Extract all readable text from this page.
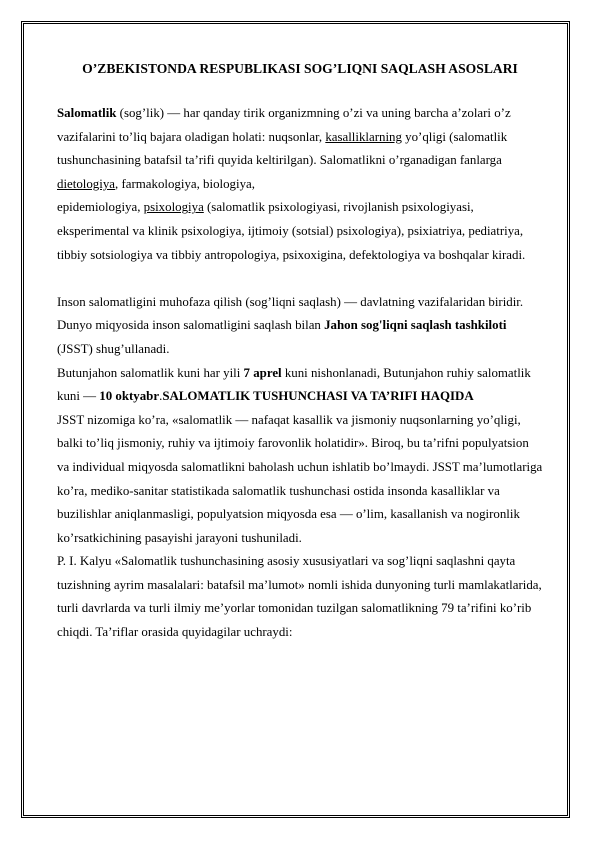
O’ZBEKISTONDA RESPUBLIKASI SOG’LIQNI SAQLASH ASOSLARI

Salomatlik (sog’lik) — har qanday tirik organizmning o’zi va uning barcha a’zolari o’z vazifalarini to’liq bajara oladigan holati: nuqsonlar, kasalliklarning yo’qligi (salomatlik tushunchasining batafsil ta’rifi quyida keltirilgan). Salomatlikni o’rganadigan fanlarga dietologiya, farmakologiya, biologiya,
epidemiologiya, psixologiya (salomatlik psixologiyasi, rivojlanish psixologiyasi, eksperimental va klinik psixologiya, ijtimoiy (sotsial) psixologiya), psixiatriya, pediatriya, tibbiy sotsiologiya va tibbiy antropologiya, psixoxigina, defektologiya va boshqalar kiradi.

Inson salomatligini muhofaza qilish (sog’liqni saqlash) — davlatning vazifalaridan biridir. Dunyo miqyosida inson salomatligini saqlash bilan Jahon sog'liqni saqlash tashkiloti (JSST) shug’ullanadi.

Butunjahon salomatlik kuni har yili 7 aprel kuni nishonlanadi, Butunjahon ruhiy salomatlik kuni — 10 oktyabr.SALOMATLIK TUSHUNCHASI VA TA’RIFI HAQIDA

JSST nizomiga ko’ra, «salomatlik — nafaqat kasallik va jismoniy nuqsonlarning yo’qligi, balki to’liq jismoniy, ruhiy va ijtimoiy farovonlik holatidir». Biroq, bu ta’rifni populyatsion va individual miqyosda salomatlikni baholash uchun ishlatib bo’lmaydi. JSST ma’lumotlariga ko’ra, mediko-sanitar statistikada salomatlik tushunchasi ostida insonda kasalliklar va buzilishlar aniqlanmasligi, populyatsion miqyosda esa — o’lim, kasallanish va nogironlik ko’rsatkichining pasayishi jarayoni tushuniladi.

P. I. Kalyu «Salomatlik tushunchasining asosiy xususiyatlari va sog’liqni saqlashni qayta tuzishning ayrim masalalari: batafsil ma’lumot» nomli ishida dunyoning turli mamlakatlarida, turli davrlarda va turli ilmiy me’yorlar tomonidan tuzilgan salomatlikning 79 ta’rifini ko’rib chiqdi. Ta’riflar orasida quyidagilar uchraydi:
